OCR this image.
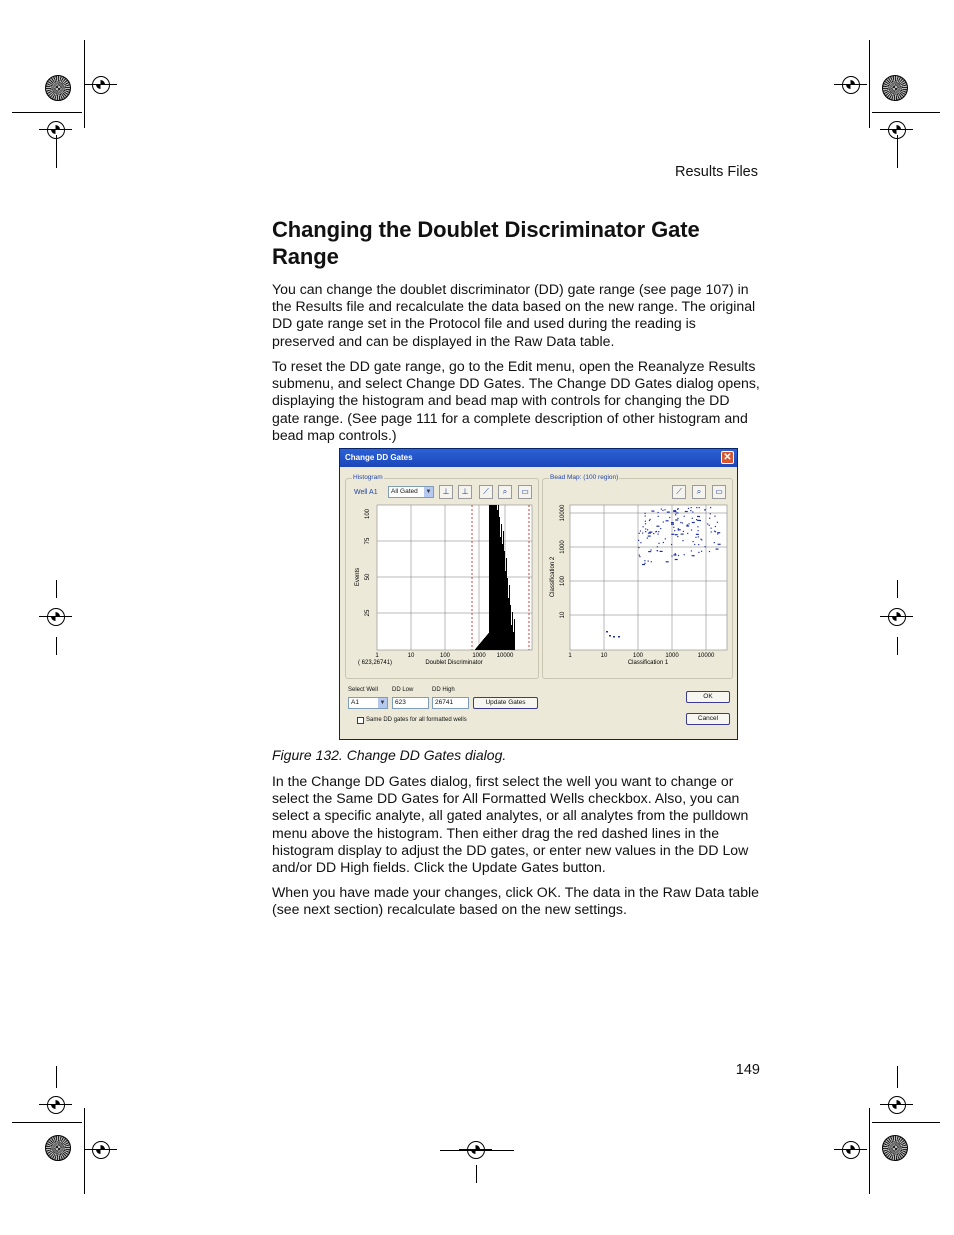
Results Files
Changing the Doublet Discriminator Gate Range

You can change the doublet discriminator (DD) gate range (see page 107) in the Results file and recalculate the data based on the new range. The original DD gate range set in the Protocol file and used during the reading is preserved and can be displayed in the Raw Data table.

To reset the DD gate range, go to the Edit menu, open the Reanalyze Results submenu, and select Change DD Gates. The Change DD Gates dialog opens, displaying the histogram and bead map with controls for changing the DD gate range. (See page 111 for a complete description of other histogram and bead map controls.)

Change DD Gates	✕
Histogram
Well A1	All Gated ▼	⊥	⊥	⟋	⌕	▭
100
75
50
25
Events
1	10	100	1000 10000
( 623,26741)	Doublet Discriminator
Bead Map: (100 region)
⟋	⌕	▭
10000
1000
100
10
Classification 2
1	10	100	1000	10000
Classification 1
Select Well
A1	▼
DD Low
623
DD High
26741	Update Gates
Same DD gates for all formatted wells
OK
Cancel

Figure 132. Change DD Gates dialog.

In the Change DD Gates dialog, first select the well you want to change or select the Same DD Gates for All Formatted Wells checkbox. Also, you can select a specific analyte, all gated analytes, or all analytes from the pulldown menu above the histogram. Then either drag the red dashed lines in the histogram display to adjust the DD gates, or enter new values in the DD Low and/or DD High fields. Click the Update Gates button.

When you have made your changes, click OK. The data in the Raw Data table (see next section) recalculate based on the new settings.

149
